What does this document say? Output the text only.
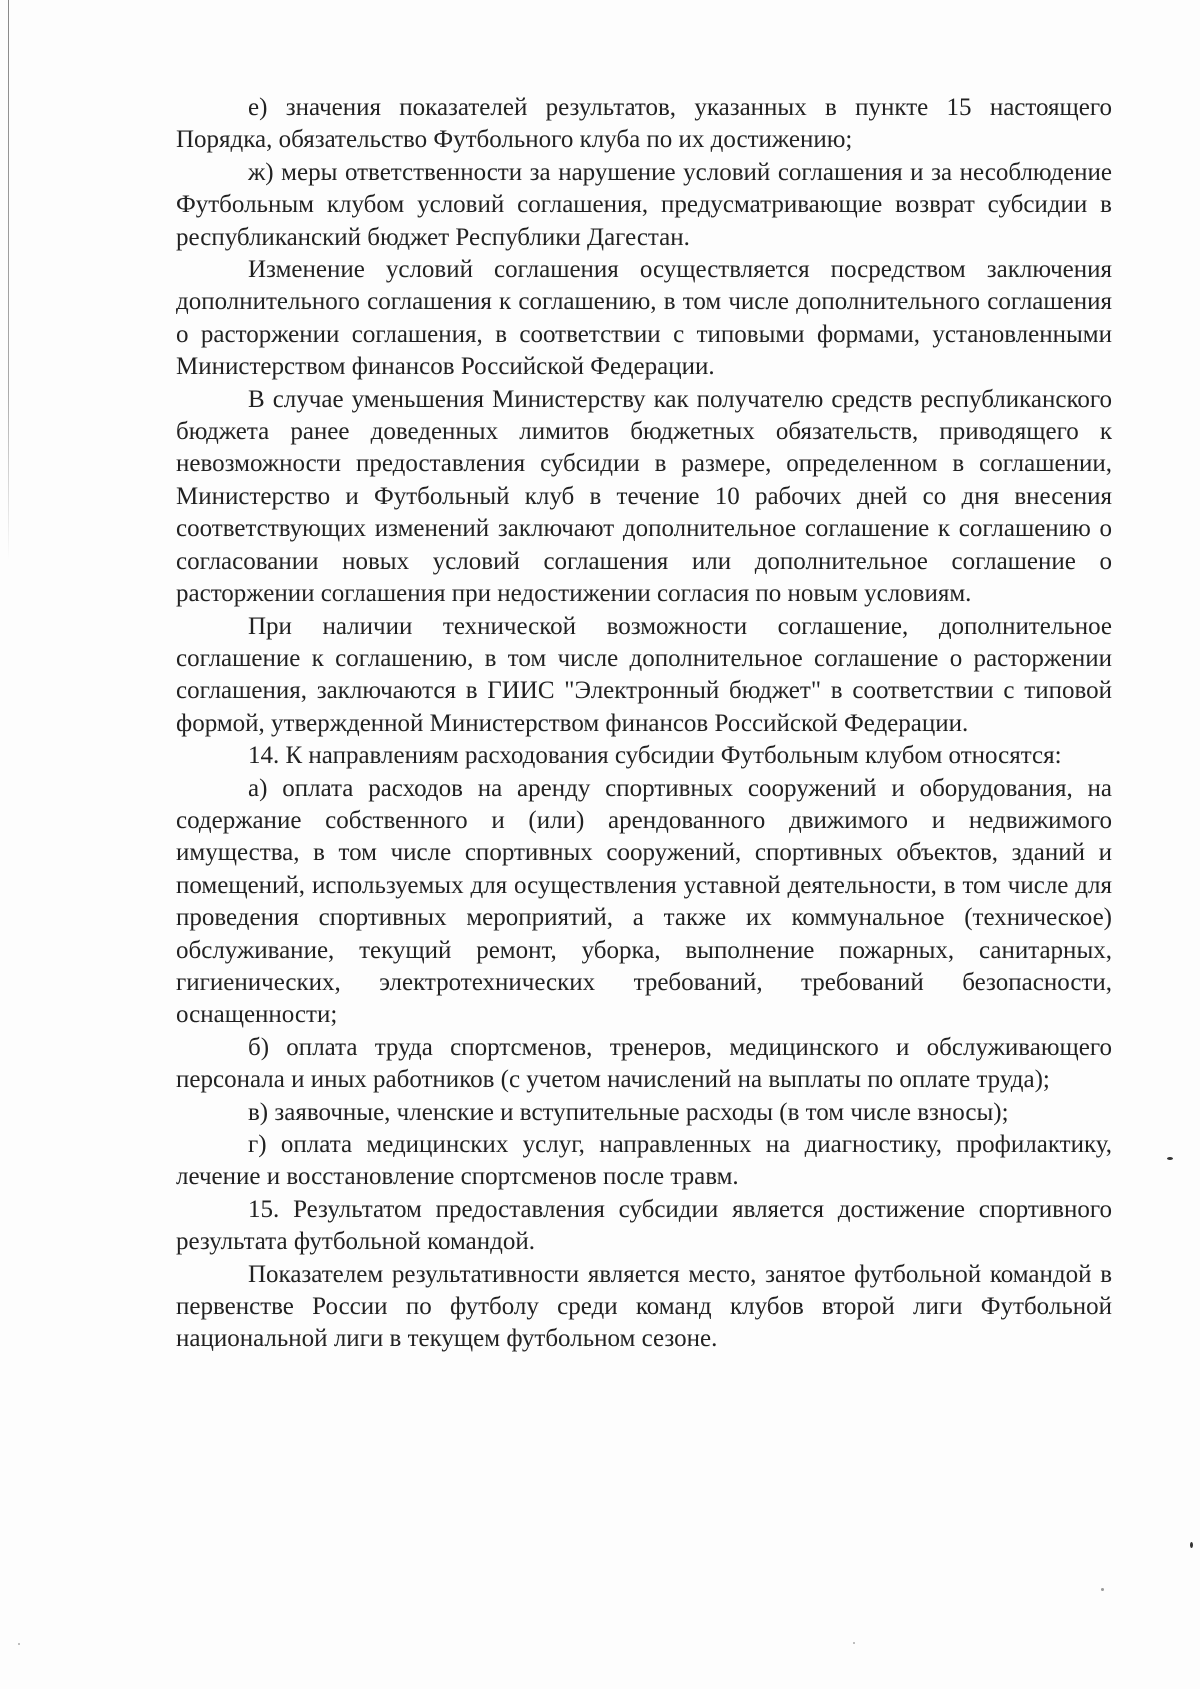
е) значения показателей результатов, указанных в пункте 15 настоящего Порядка, обязательство Футбольного клуба по их достижению;

ж) меры ответственности за нарушение условий соглашения и за несоблюдение Футбольным клубом условий соглашения, предусматривающие возврат субсидии в республиканский бюджет Республики Дагестан.

Изменение условий соглашения осуществляется посредством заключения дополнительного соглашения к соглашению, в том числе дополнительного соглашения о расторжении соглашения, в соответствии с типовыми формами, установленными Министерством финансов Российской Федерации.

В случае уменьшения Министерству как получателю средств республиканского бюджета ранее доведенных лимитов бюджетных обязательств, приводящего к невозможности предоставления субсидии в размере, определенном в соглашении, Министерство и Футбольный клуб в течение 10 рабочих дней со дня внесения соответствующих изменений заключают дополнительное соглашение к соглашению о согласовании новых условий соглашения или дополнительное соглашение о расторжении соглашения при недостижении согласия по новым условиям.

При наличии технической возможности соглашение, дополнительное соглашение к соглашению, в том числе дополнительное соглашение о расторжении соглашения, заключаются в ГИИС "Электронный бюджет" в соответствии с типовой формой, утвержденной Министерством финансов Российской Федерации.

14. К направлениям расходования субсидии Футбольным клубом относятся:

а) оплата расходов на аренду спортивных сооружений и оборудования, на содержание собственного и (или) арендованного движимого и недвижимого имущества, в том числе спортивных сооружений, спортивных объектов, зданий и помещений, используемых для осуществления уставной деятельности, в том числе для проведения спортивных мероприятий, а также их коммунальное (техническое) обслуживание, текущий ремонт, уборка, выполнение пожарных, санитарных, гигиенических, электротехнических требований, требований безопасности, оснащенности;

б) оплата труда спортсменов, тренеров, медицинского и обслуживающего персонала и иных работников (с учетом начислений на выплаты по оплате труда);

в) заявочные, членские и вступительные расходы (в том числе взносы);

г) оплата медицинских услуг, направленных на диагностику, профилактику, лечение и восстановление спортсменов после травм.

15. Результатом предоставления субсидии является достижение спортивного результата футбольной командой.

Показателем результативности является место, занятое футбольной командой в первенстве России по футболу среди команд клубов второй лиги Футбольной национальной лиги в текущем футбольном сезоне.
